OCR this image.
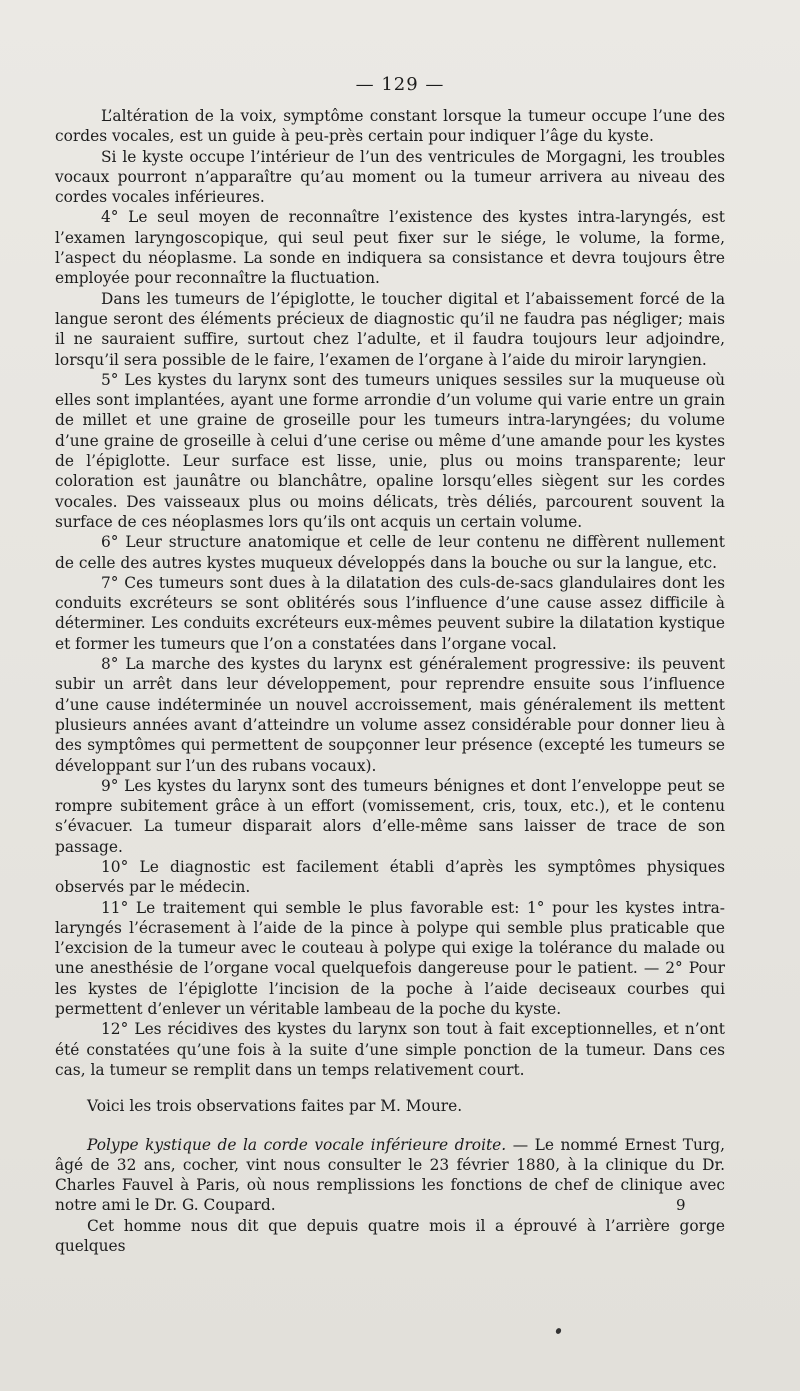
— 129 —

L’altération de la voix, symptôme constant lorsque la tumeur occupe l’une des cordes vocales, est un guide à peu-près certain pour indiquer l’âge du kyste.

Si le kyste occupe l’intérieur de l’un des ventricules de Morgagni, les troubles vocaux pourront n’apparaître qu’au moment ou la tumeur arrivera au niveau des cordes vocales inférieures.

4° Le seul moyen de reconnaître l’existence des kystes intra-laryngés, est l’examen laryngoscopique, qui seul peut fixer sur le siége, le volume, la forme, l’aspect du néoplasme. La sonde en indiquera sa consistance et devra toujours être employée pour reconnaître la fluctuation.

Dans les tumeurs de l’épiglotte, le toucher digital et l’abaissement forcé de la langue seront des éléments précieux de diagnostic qu’il ne faudra pas négliger; mais il ne sauraient suffire, surtout chez l’adulte, et il faudra toujours leur adjoindre, lorsqu’il sera possible de le faire, l’examen de l’organe à l’aide du miroir laryngien.

5° Les kystes du larynx sont des tumeurs uniques sessiles sur la muqueuse où elles sont implantées, ayant une forme arrondie d’un volume qui varie entre un grain de millet et une graine de groseille pour les tumeurs intra-laryngées; du volume d’une graine de groseille à celui d’une cerise ou même d’une amande pour les kystes de l’épiglotte. Leur surface est lisse, unie, plus ou moins transparente; leur coloration est jaunâtre ou blanchâtre, opaline lorsqu’elles siègent sur les cordes vocales. Des vaisseaux plus ou moins délicats, très déliés, parcourent souvent la surface de ces néoplasmes lors qu’ils ont acquis un certain volume.

6° Leur structure anatomique et celle de leur contenu ne diffèrent nullement de celle des autres kystes muqueux développés dans la bouche ou sur la langue, etc.

7° Ces tumeurs sont dues à la dilatation des culs-de-sacs glandulaires dont les conduits excréteurs se sont oblitérés sous l’influence d’une cause assez difficile à déterminer. Les conduits excréteurs eux-mêmes peuvent subire la dilatation kystique et former les tumeurs que l’on a constatées dans l’organe vocal.

8° La marche des kystes du larynx est généralement progressive: ils peuvent subir un arrêt dans leur développement, pour reprendre ensuite sous l’influence d’une cause indéterminée un nouvel accroissement, mais généralement ils mettent plusieurs années avant d’atteindre un volume assez considérable pour donner lieu à des symptômes qui permettent de soupçonner leur présence (excepté les tumeurs se développant sur l’un des rubans vocaux).

9° Les kystes du larynx sont des tumeurs bénignes et dont l’enveloppe peut se rompre subitement grâce à un effort (vomissement, cris, toux, etc.), et le contenu s’évacuer. La tumeur disparait alors d’elle-même sans laisser de trace de son passage.

10° Le diagnostic est facilement établi d’après les symptômes physiques observés par le médecin.

11° Le traitement qui semble le plus favorable est: 1° pour les kystes intra-laryngés l’écrasement à l’aide de la pince à polype qui semble plus praticable que l’excision de la tumeur avec le couteau à polype qui exige la tolérance du malade ou une anesthésie de l’organe vocal quelquefois dangereuse pour le patient. — 2° Pour les kystes de l’épiglotte l’incision de la poche à l’aide deciseaux courbes qui permettent d’enlever un véritable lambeau de la poche du kyste.

12° Les récidives des kystes du larynx son tout à fait exceptionnelles, et n’ont été constatées qu’une fois à la suite d’une simple ponction de la tumeur. Dans ces cas, la tumeur se remplit dans un temps relativement court.

Voici les trois observations faites par M. Moure.

Polype kystique de la corde vocale inférieure droite. — Le nommé Ernest Turg, âgé de 32 ans, cocher, vint nous consulter le 23 février 1880, à la clinique du Dr. Charles Fauvel à Paris, où nous remplissions les fonctions de chef de clinique avec notre ami le Dr. G. Coupard.

Cet homme nous dit que depuis quatre mois il a éprouvé à l’arrière gorge quelques

9
